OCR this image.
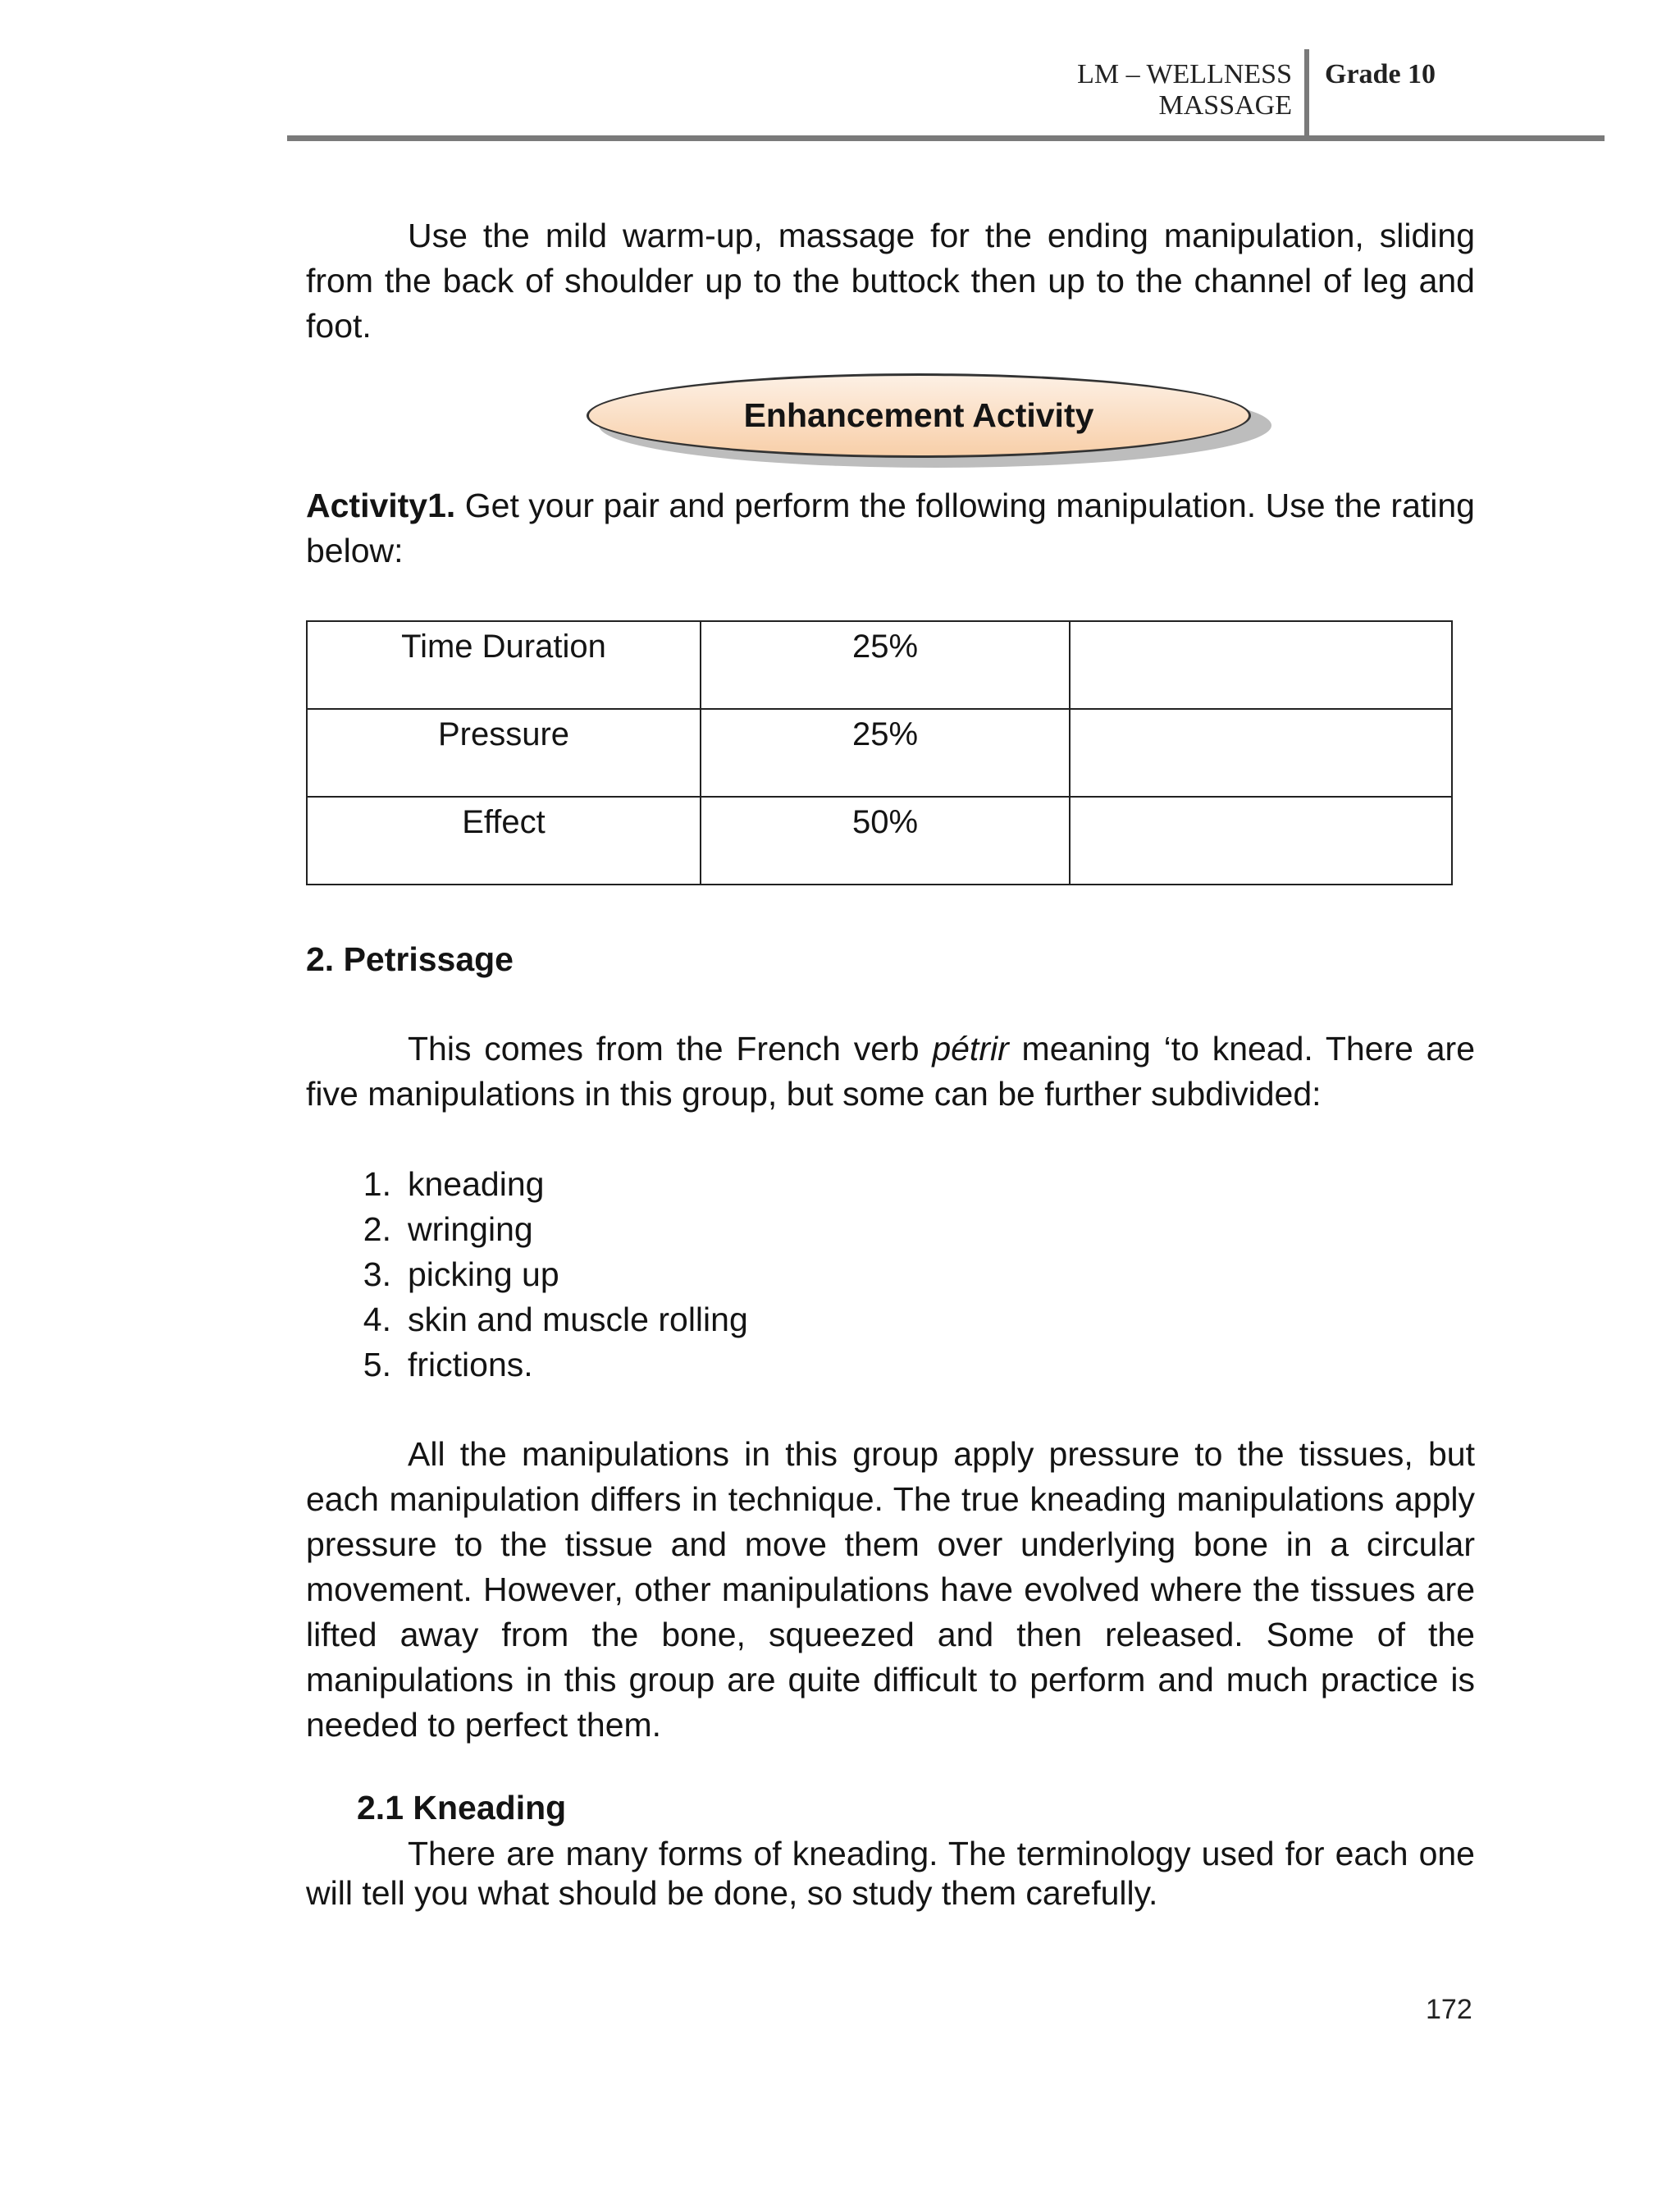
LM – WELLNESS MASSAGE
Grade 10

Use the mild warm-up, massage for the ending manipulation, sliding from the back of shoulder up to the buttock then up to the channel of leg and foot.

Enhancement Activity

Activity1. Get your pair and perform the following manipulation. Use the rating below:

Time Duration	25%	
Pressure	25%	
Effect	50%	

2. Petrissage

This comes from the French verb pétrir meaning ‘to knead. There are five manipulations in this group, but some can be further subdivided:

1. kneading
2. wringing
3. picking up
4. skin and muscle rolling
5. frictions.

All the manipulations in this group apply pressure to the tissues, but each manipulation differs in technique. The true kneading manipulations apply pressure to the tissue and move them over underlying bone in a circular movement. However, other manipulations have evolved where the tissues are lifted away from the bone, squeezed and then released. Some of the manipulations in this group are quite difficult to perform and much practice is needed to perfect them.

2.1 Kneading

There are many forms of kneading. The terminology used for each one will tell you what should be done, so study them carefully.

172
